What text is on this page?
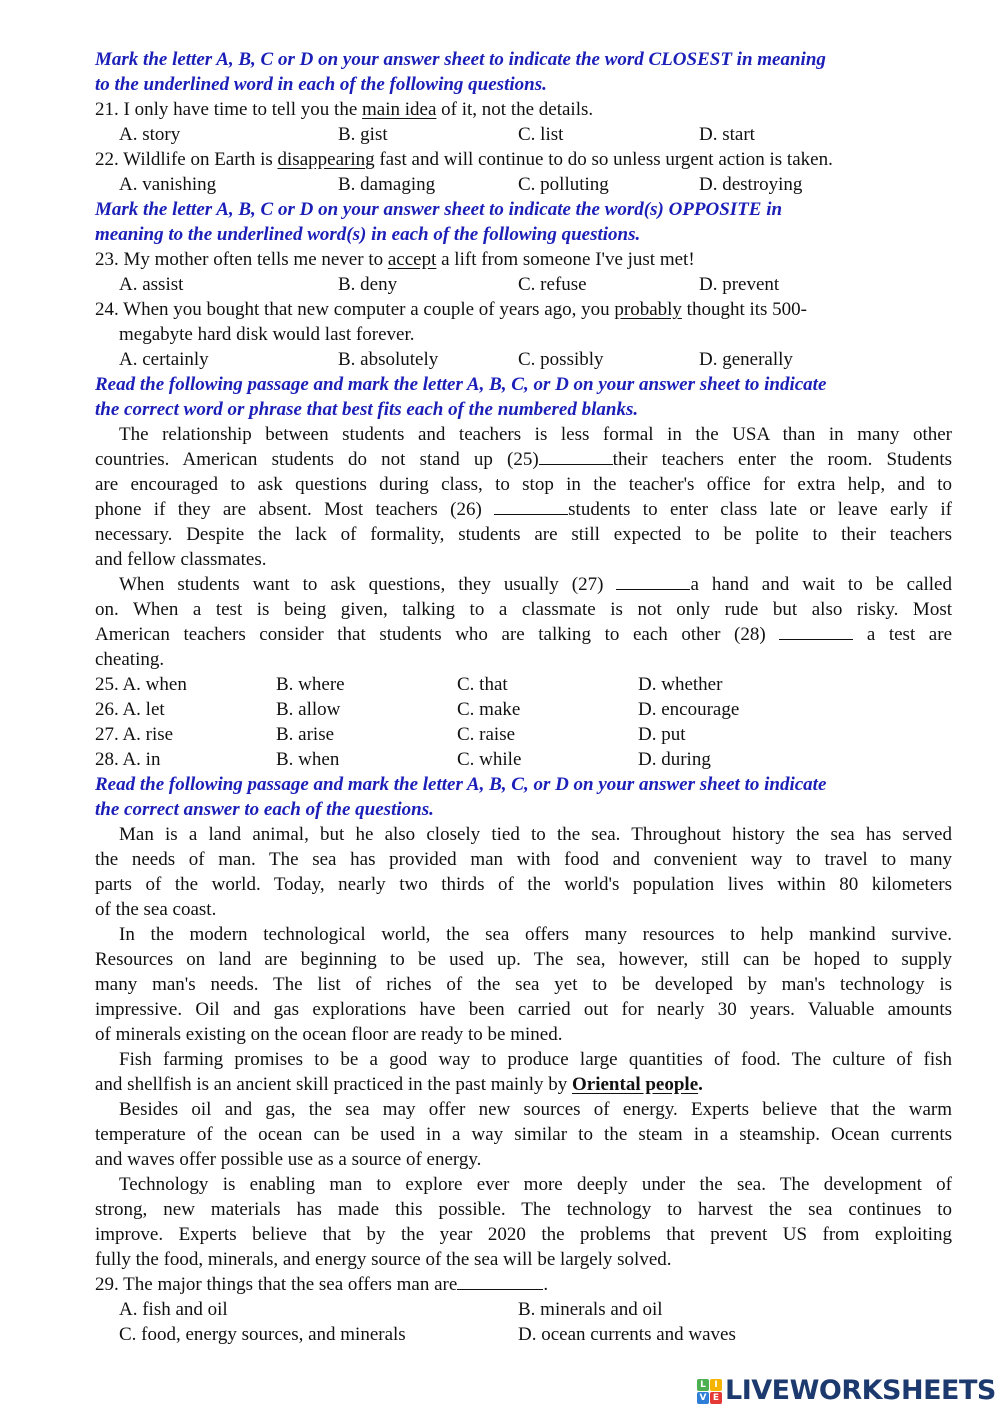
Mark the letter A, B, C or D on your answer sheet to indicate the word CLOSEST in meaning
to the underlined word in each of the following questions.
21. I only have time to tell you the main idea of it, not the details.
A. story	B. gist	C. list	D. start
22. Wildlife on Earth is disappearing fast and will continue to do so unless urgent action is taken.
A. vanishing	B. damaging	C. polluting	D. destroying
Mark the letter A, B, C or D on your answer sheet to indicate the word(s) OPPOSITE in
meaning to the underlined word(s) in each of the following questions.
23. My mother often tells me never to accept a lift from someone I've just met!
A. assist	B. deny	C. refuse	D. prevent
24. When you bought that new computer a couple of years ago, you probably thought its 500-
megabyte hard disk would last forever.
A. certainly	B. absolutely	C. possibly	D. generally
Read the following passage and mark the letter A, B, C, or D on your answer sheet to indicate
the correct word or phrase that best fits each of the numbered blanks.
The relationship between students and teachers is less formal in the USA than in many other
countries. American students do not stand up (25)	their teachers enter the room. Students
are encouraged to ask questions during class, to stop in the teacher's office for extra help, and to
phone if they are absent. Most teachers (26)	students to enter class late or leave early if
necessary. Despite the lack of formality, students are still expected to be polite to their teachers
and fellow classmates.
When students want to ask questions, they usually (27)	a hand and wait to be called
on. When a test is being given, talking to a classmate is not only rude but also risky. Most
American teachers consider that students who are talking to each other (28)	a test are
cheating.
25. A. when	B. where	C. that	D. whether
26. A. let	B. allow	C. make	D. encourage
27. A. rise	B. arise	C. raise	D. put
28. A. in	B. when	C. while	D. during
Read the following passage and mark the letter A, B, C, or D on your answer sheet to indicate
the correct answer to each of the questions.
Man is a land animal, but he also closely tied to the sea. Throughout history the sea has served
the needs of man. The sea has provided man with food and convenient way to travel to many
parts of the world. Today, nearly two thirds of the world's population lives within 80 kilometers
of the sea coast.
In the modern technological world, the sea offers many resources to help mankind survive.
Resources on land are beginning to be used up. The sea, however, still can be hoped to supply
many man's needs. The list of riches of the sea yet to be developed by man's technology is
impressive. Oil and gas explorations have been carried out for nearly 30 years. Valuable amounts
of minerals existing on the ocean floor are ready to be mined.
Fish farming promises to be a good way to produce large quantities of food. The culture of fish
and shellfish is an ancient skill practiced in the past mainly by Oriental people.
Besides oil and gas, the sea may offer new sources of energy. Experts believe that the warm
temperature of the ocean can be used in a way similar to the steam in a steamship. Ocean currents
and waves offer possible use as a source of energy.
Technology is enabling man to explore ever more deeply under the sea. The development of
strong, new materials has made this possible. The technology to harvest the sea continues to
improve. Experts believe that by the year 2020 the problems that prevent US from exploiting
fully the food, minerals, and energy source of the sea will be largely solved.
29. The major things that the sea offers man are	.
A. fish and oil	B. minerals and oil
C. food, energy sources, and minerals	D. ocean currents and waves
L I
V E LIVEWORKSHEETS
